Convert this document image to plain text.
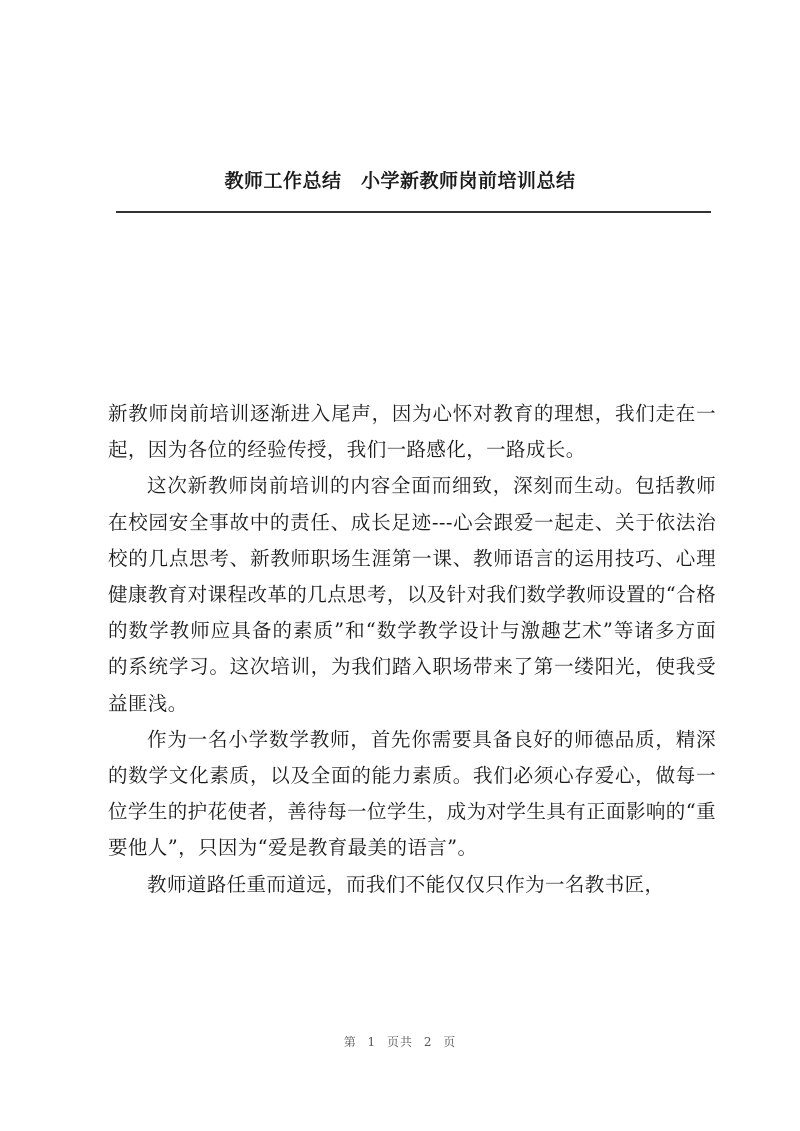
教师工作总结　小学新教师岗前培训总结

新教师岗前培训逐渐进入尾声，因为心怀对教育的理想，我们走在一起，因为各位的经验传授，我们一路感化，一路成长。

这次新教师岗前培训的内容全面而细致，深刻而生动。包括教师在校园安全事故中的责任、成长足迹---心会跟爱一起走、关于依法治校的几点思考、新教师职场生涯第一课、教师语言的运用技巧、心理健康教育对课程改革的几点思考，以及针对我们数学教师设置的“合格的数学教师应具备的素质”和“数学教学设计与激趣艺术”等诸多方面的系统学习。这次培训，为我们踏入职场带来了第一缕阳光，使我受益匪浅。

作为一名小学数学教师，首先你需要具备良好的师德品质，精深的数学文化素质，以及全面的能力素质。我们必须心存爱心，做每一位学生的护花使者，善待每一位学生，成为对学生具有正面影响的“重要他人”，只因为“爱是教育最美的语言”。

教师道路任重而道远，而我们不能仅仅只作为一名教书匠，

第 1 页共 2 页
